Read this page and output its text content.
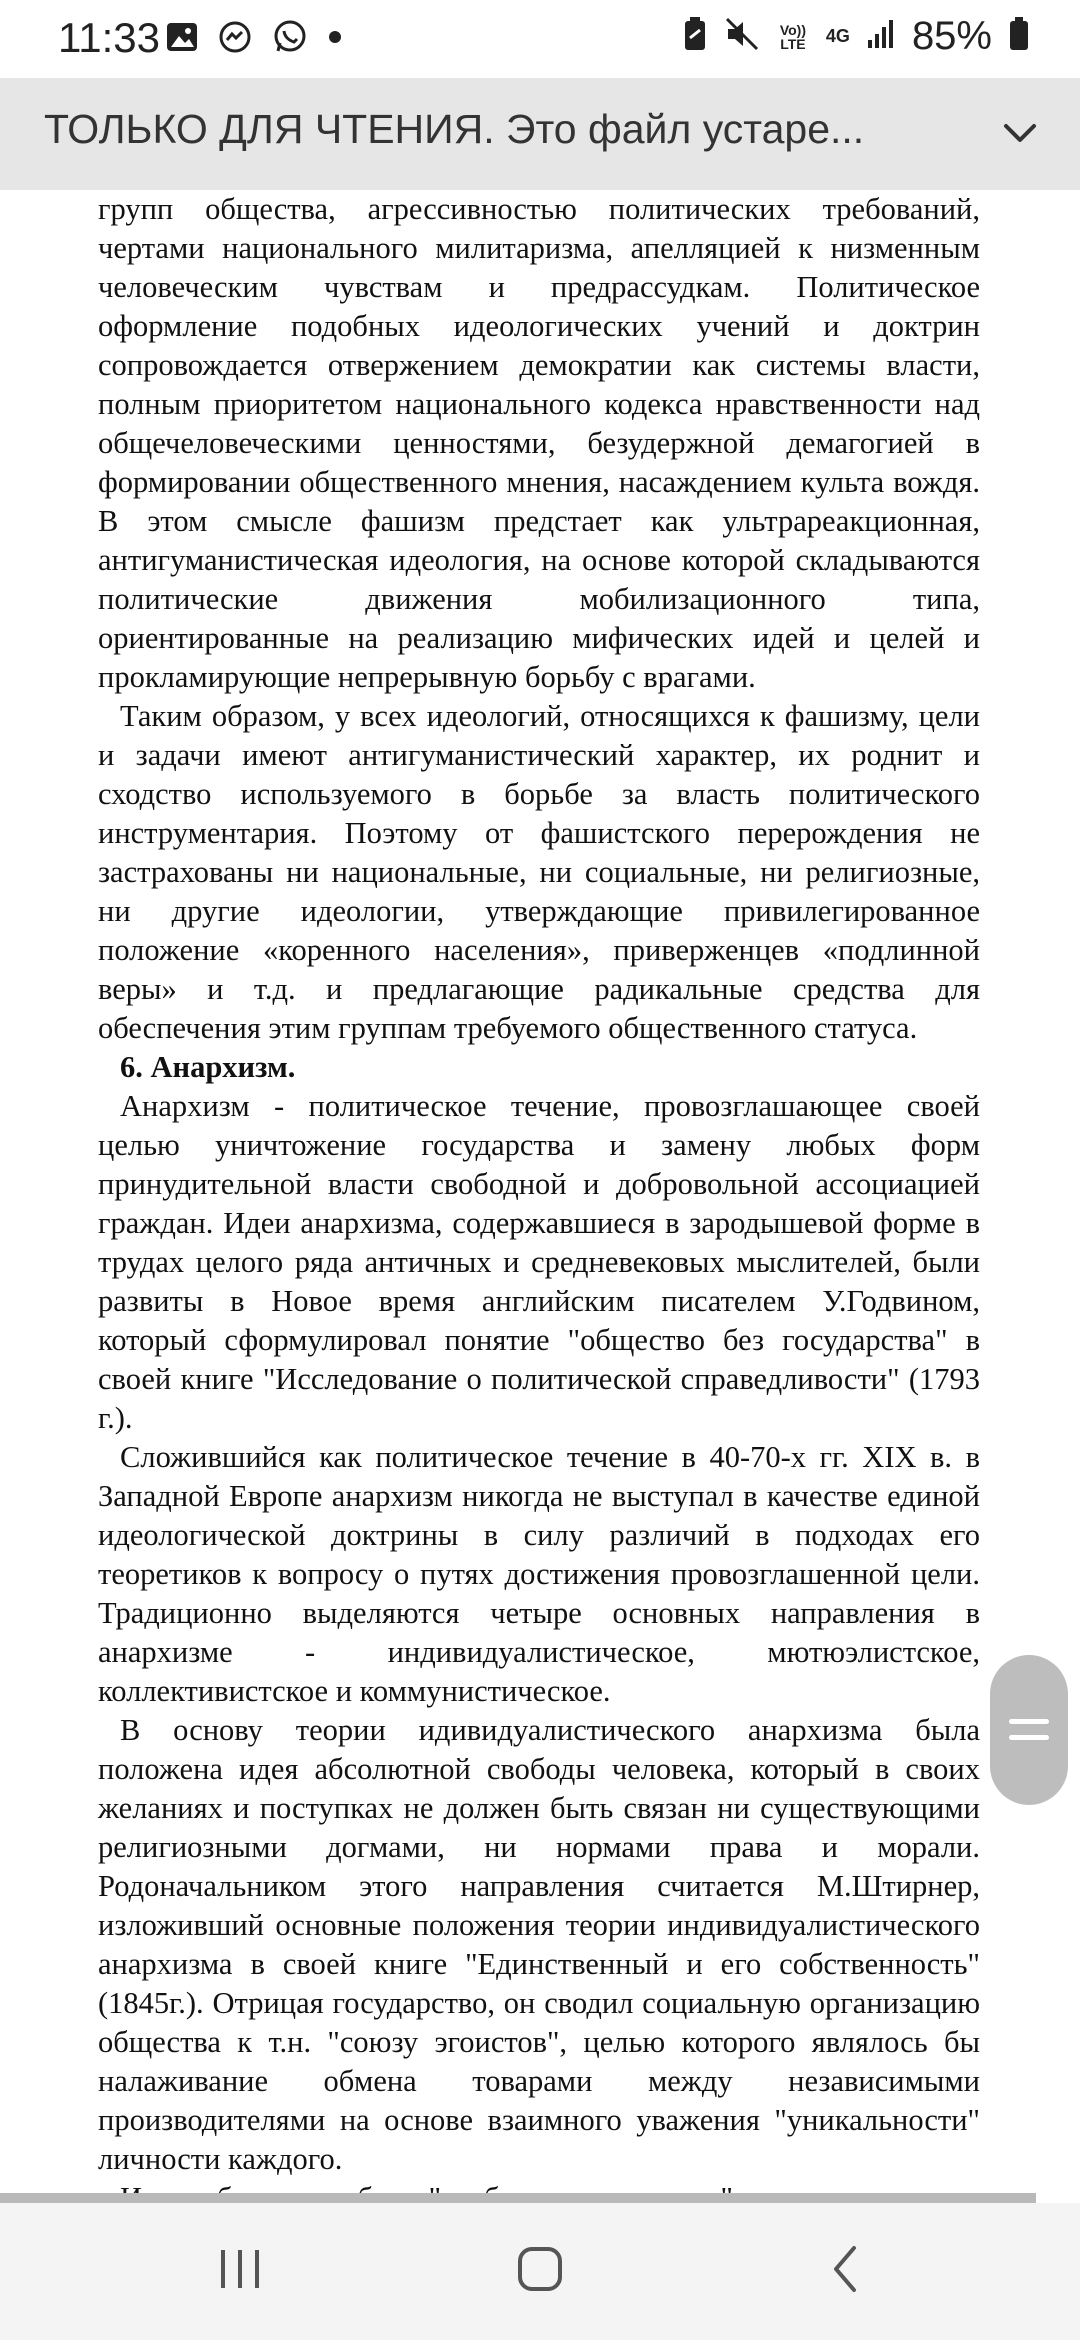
11:33	Vo)) LTE 4G 85%
ТОЛЬКО ДЛЯ ЧТЕНИЯ. Это файл устаре...

групп общества, агрессивностью политических требований, чертами национального милитаризма, апелляцией к низменным человеческим чувствам и предрассудкам. Политическое оформление подобных идеологических учений и доктрин сопровождается отвержением демократии как системы власти, полным приоритетом национального кодекса нравственности над общечеловеческими ценностями, безудержной демагогией в формировании общественного мнения, насаждением культа вождя. В этом смысле фашизм предстает как ультрареакционная, антигуманистическая идеология, на основе которой складываются политические движения мобилизационного типа, ориентированные на реализацию мифических идей и целей и прокламирующие непрерывную борьбу с врагами.

Таким образом, у всех идеологий, относящихся к фашизму, цели и задачи имеют антигуманистический характер, их роднит и сходство используемого в борьбе за власть политического инструментария. Поэтому от фашистского перерождения не застрахованы ни национальные, ни социальные, ни религиозные, ни другие идеологии, утверждающие привилегированное положение «коренного населения», приверженцев «подлинной веры» и т.д. и предлагающие радикальные средства для обеспечения этим группам требуемого общественного статуса.

6. Анархизм.

Анархизм - политическое течение, провозглашающее своей целью уничтожение государства и замену любых форм принудительной власти свободной и добровольной ассоциацией граждан. Идеи анархизма, содержавшиеся в зародышевой форме в трудах целого ряда античных и средневековых мыслителей, были развиты в Новое время английским писателем У.Годвином, который сформулировал понятие "общество без государства" в своей книге "Исследование о политической справедливости" (1793 г.).

Сложившийся как политическое течение в 40-70-х гг. XIX в. в Западной Европе анархизм никогда не выступал в качестве единой идеологической доктрины в силу различий в подходах его теоретиков к вопросу о путях достижения провозглашенной цели. Традиционно выделяются четыре основных направления в анархизме - индивидуалистическое, мютюэлистское, коллективистское и коммунистическое.

В основу теории идивидуалистического анархизма была положена идея абсолютной свободы человека, который в своих желаниях и поступках не должен быть связан ни существующими религиозными догмами, ни нормами права и морали. Родоначальником этого направления считается М.Штирнер, изложивший основные положения теории индивидуалистического анархизма в своей книге "Единственный и его собственность" (1845г.). Отрицая государство, он сводил социальную организацию общества к т.н. "союзу эгоистов", целью которого являлось бы налаживание обмена товарами между независимыми производителями на основе взаимного уважения "уникальности" личности каждого.
